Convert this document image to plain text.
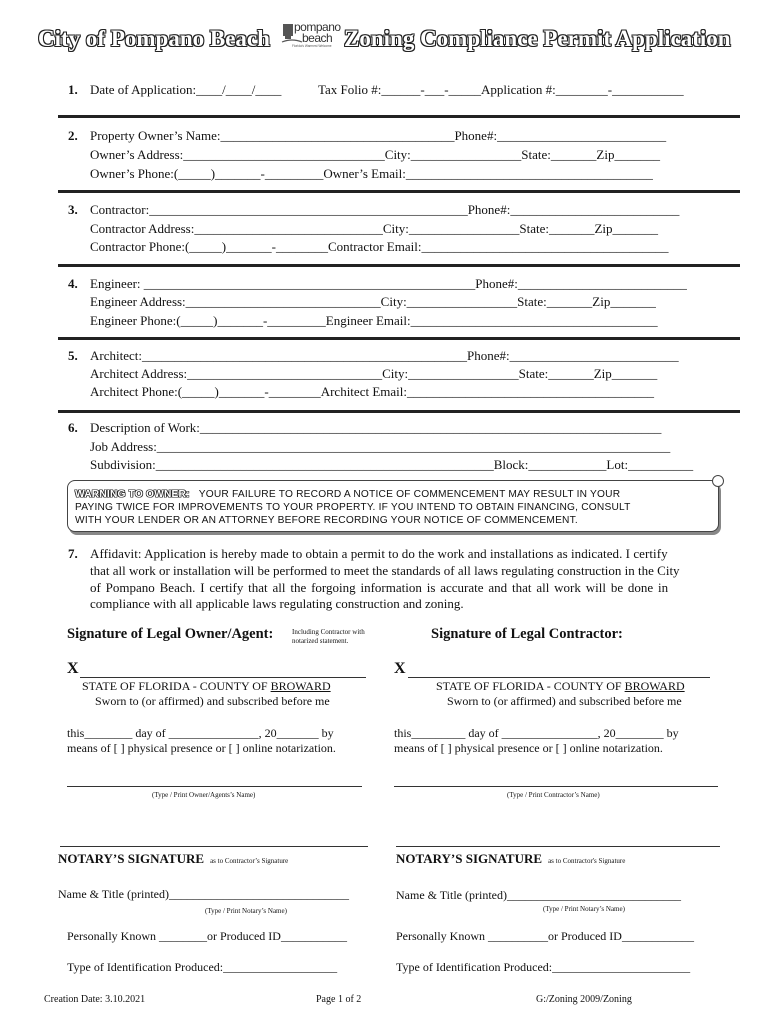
City of Pompano Beach pompano
beach
Florida's Warmest Welcome Zoning Compliance Permit Application
1. Date of Application:____/____/____	Tax Folio #:______-___-_____Application #:________-___________
2. Property Owner’s Name:____________________________________Phone#:__________________________
Owner’s Address:_______________________________City:_________________State:_______Zip_______
Owner’s Phone:(_____)_______-_________Owner’s Email:______________________________________
3. Contractor:_________________________________________________Phone#:__________________________
Contractor Address:_____________________________City:_________________State:_______Zip_______
Contractor Phone:(_____)_______-________Contractor Email:______________________________________
4. Engineer: ___________________________________________________Phone#:__________________________
Engineer Address:______________________________City:_________________State:_______Zip_______
Engineer Phone:(_____)_______-_________Engineer Email:______________________________________
5. Architect:__________________________________________________Phone#:__________________________
Architect Address:______________________________City:_________________State:_______Zip_______
Architect Phone:(_____)_______-________Architect Email:______________________________________
6. Description of Work:_______________________________________________________________________
Job Address:_______________________________________________________________________________
Subdivision:____________________________________________________Block:____________Lot:__________
WARNING TO OWNER: YOUR FAILURE TO RECORD A NOTICE OF COMMENCEMENT MAY RESULT IN YOUR
PAYING TWICE FOR IMPROVEMENTS TO YOUR PROPERTY. IF YOU INTEND TO OBTAIN FINANCING, CONSULT
WITH YOUR LENDER OR AN ATTORNEY BEFORE RECORDING YOUR NOTICE OF COMMENCEMENT.
7. Affidavit: Application is hereby made to obtain a permit to do the work and installations as indicated. I certify
that all work or installation will be performed to meet the standards of all laws regulating construction in the City
of Pompano Beach. I certify that all the forgoing information is accurate and that all work will be done in
compliance with all applicable laws regulating construction and zoning.
Signature of Legal Owner/Agent:	Including Contractor with
notarized statement.
X
STATE OF FLORIDA - COUNTY OF BROWARD
Sworn to (or affirmed) and subscribed before me
this________ day of _______________, 20_______ by
means of [ ] physical presence or [ ] online notarization.
(Type / Print Owner/Agents’s Name)
NOTARY’S SIGNATURE as to Contractor’s Signature
Name & Title (printed)______________________________
(Type / Print Notary’s Name)
Personally Known ________or Produced ID___________
Type of Identification Produced:___________________
Signature of Legal Contractor:
X
STATE OF FLORIDA - COUNTY OF BROWARD
Sworn to (or affirmed) and subscribed before me
this_________ day of ________________, 20________ by
means of [ ] physical presence or [ ] online notarization.
(Type / Print Contractor’s Name)
NOTARY’S SIGNATURE as to Contractor's Signature
Name & Title (printed)_____________________________
(Type / Print Notary’s Name)
Personally Known __________or Produced ID____________
Type of Identification Produced:_______________________
Creation Date: 3.10.2021	Page 1 of 2	G:/Zoning 2009/Zoning
